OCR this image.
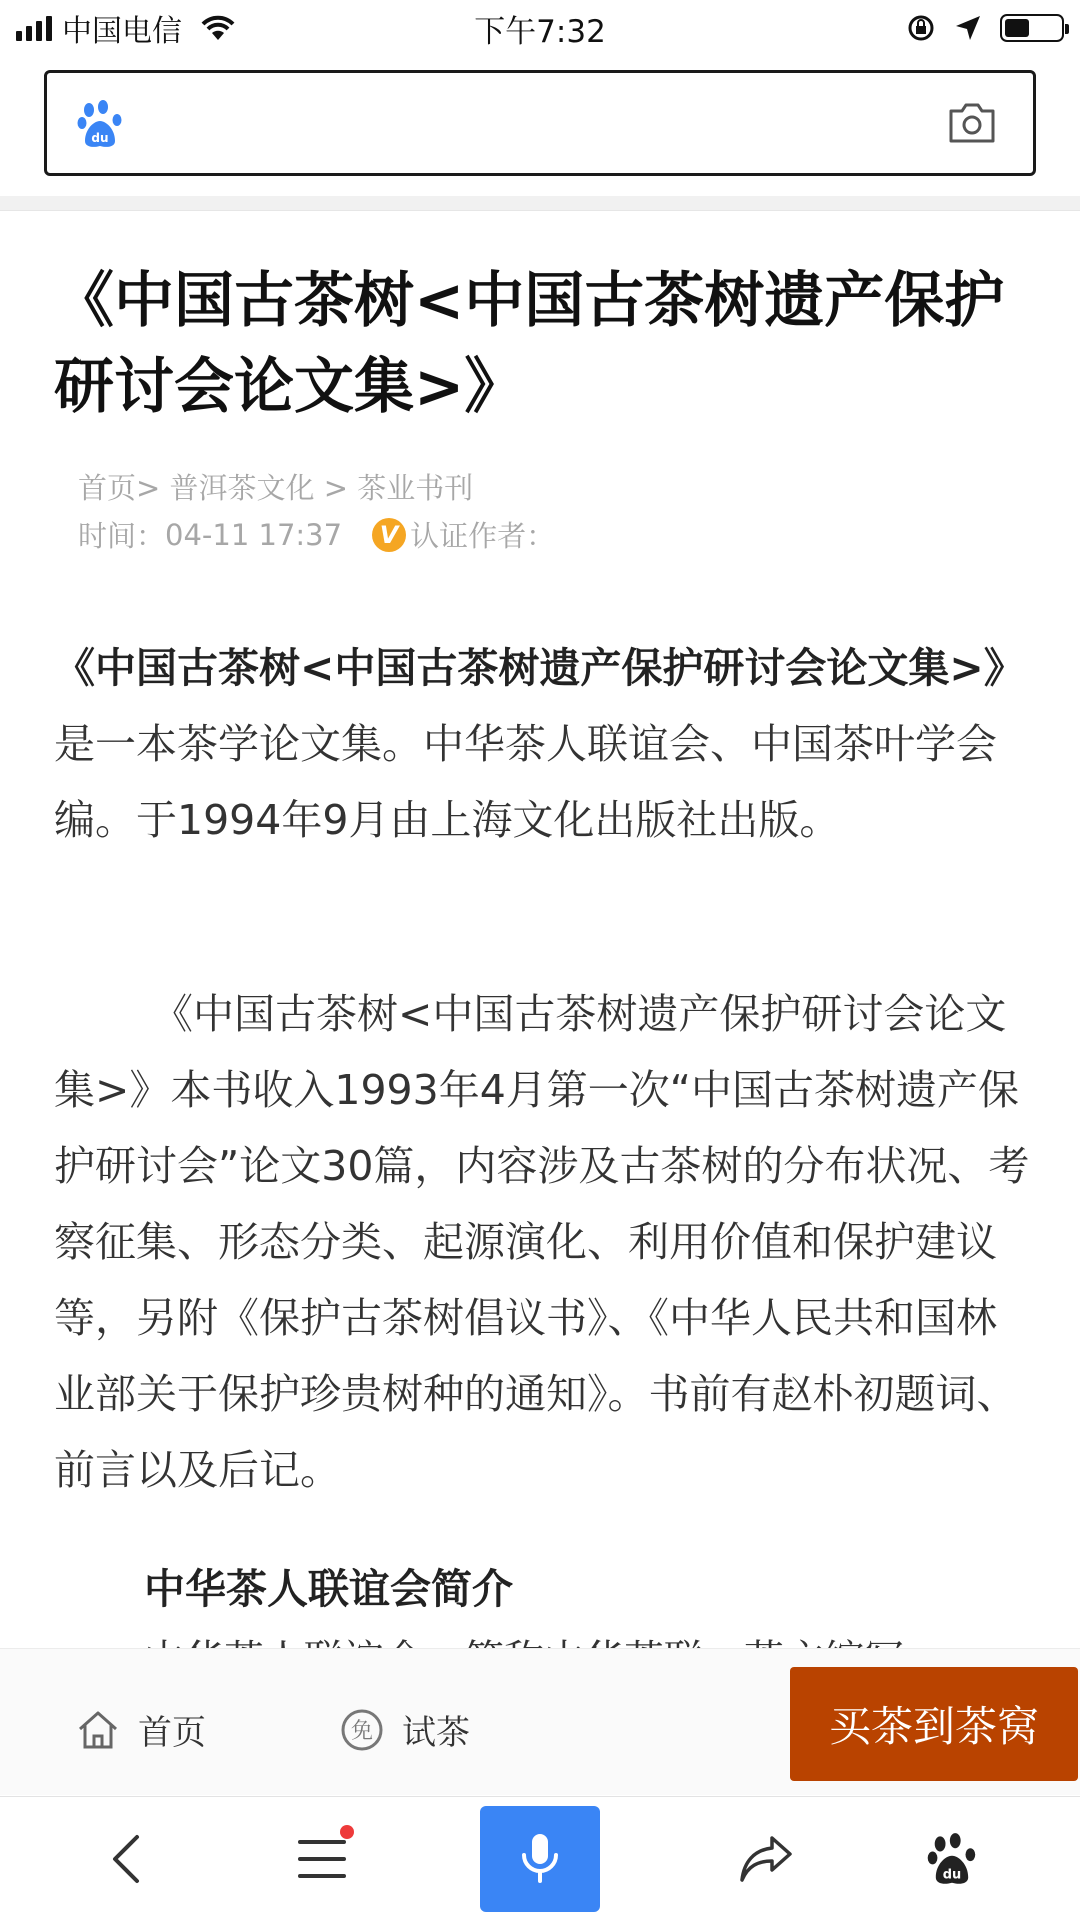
中国电信	下午7:32
du
《中国古茶树<中国古茶树遗产保护研讨会论文集>》
首页> 普洱茶文化 > 茶业书刊
时间： 04-11 17:37	V 认证作者：

《中国古茶树<中国古茶树遗产保护研讨会论文集>》是一本茶学论文集。中华茶人联谊会、中国茶叶学会编。于1994年9月由上海文化出版社出版。

《中国古茶树<中国古茶树遗产保护研讨会论文集>》本书收入1993年4月第一次“中国古茶树遗产保护研讨会”论文30篇，内容涉及古茶树的分布状况、考察征集、形态分类、起源演化、利用价值和保护建议等，另附《保护古茶树倡议书》、《中华人民共和国林业部关于保护珍贵树种的通知》。书前有赵朴初题词、前言以及后记。

中华茶人联谊会简介
首页	免 试茶	买茶到茶窝
du
